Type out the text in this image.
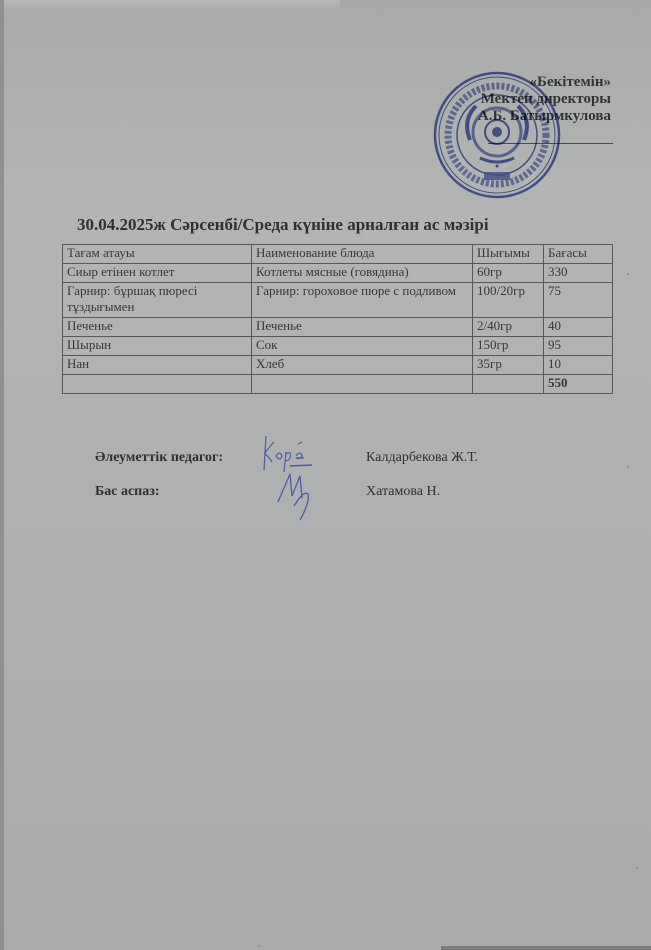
«Бекітемін»
Мектеп директоры
А.Б. Батырмкулова
30.04.2025ж Сәрсенбі/Среда күніне арналған ас мәзірі
Тағам атауы	Наименование блюда	Шығымы	Бағасы
Сиыр етінен котлет	Котлеты мясные (говядина)	60гр	330
Гарнир: бұршақ пюресі тұздығымен	Гарнир: гороховое пюре с подливом	100/20гр	75
Печенье	Печенье	2/40гр	40
Шырын	Сок	150гр	95
Нан	Хлеб	35гр	10
			550
Әлеуметтік педагог:	Калдарбекова Ж.Т.
Бас аспаз:	Хатамова Н.
